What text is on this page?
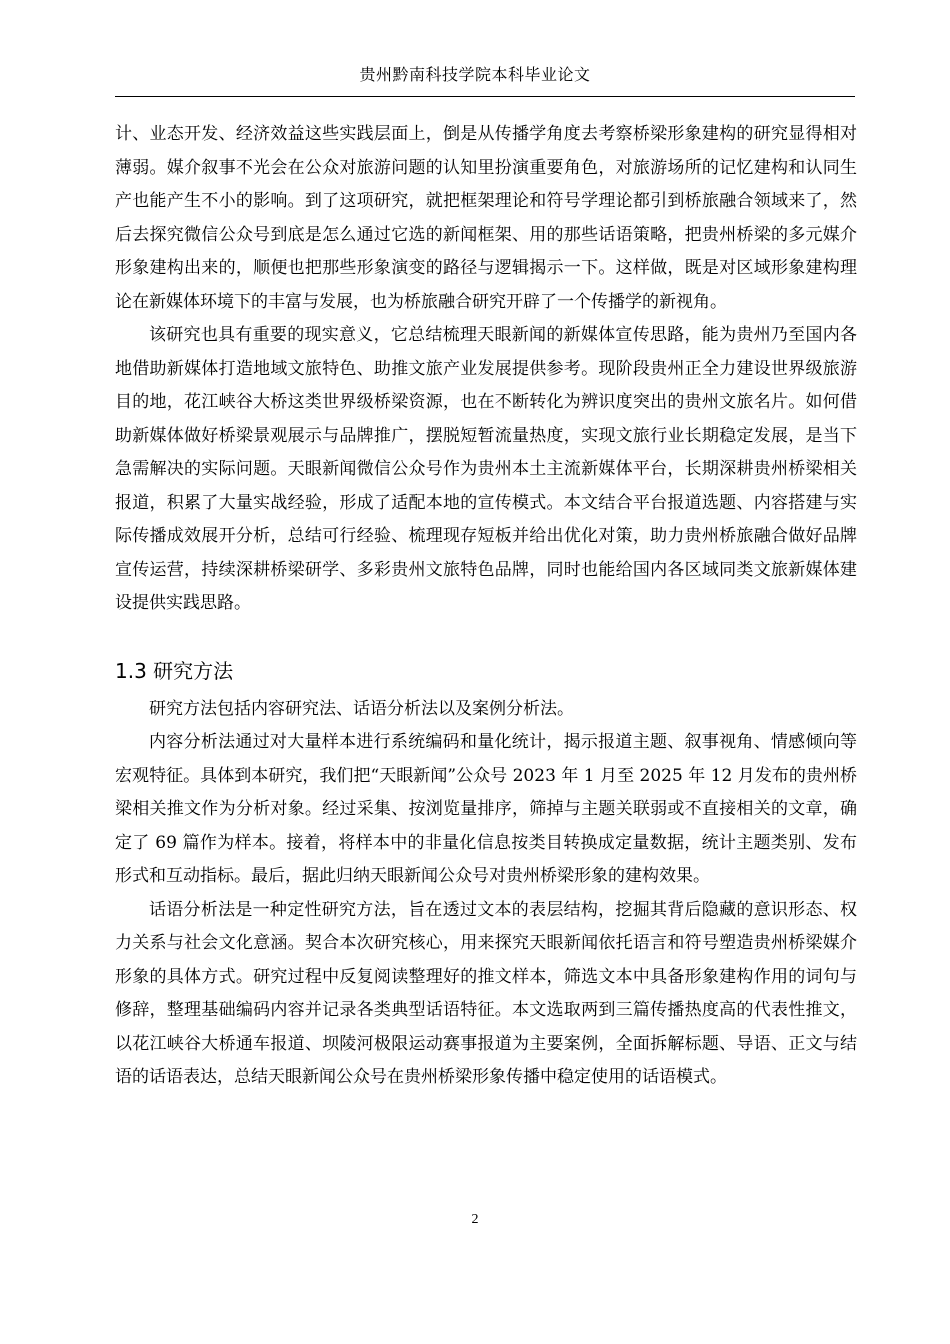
贵州黔南科技学院本科毕业论文

计、业态开发、经济效益这些实践层面上，倒是从传播学角度去考察桥梁形象建构的研究显得相对薄弱。媒介叙事不光会在公众对旅游问题的认知里扮演重要角色，对旅游场所的记忆建构和认同生产也能产生不小的影响。到了这项研究，就把框架理论和符号学理论都引到桥旅融合领域来了，然后去探究微信公众号到底是怎么通过它选的新闻框架、用的那些话语策略，把贵州桥梁的多元媒介形象建构出来的，顺便也把那些形象演变的路径与逻辑揭示一下。这样做，既是对区域形象建构理论在新媒体环境下的丰富与发展，也为桥旅融合研究开辟了一个传播学的新视角。

该研究也具有重要的现实意义，它总结梳理天眼新闻的新媒体宣传思路，能为贵州乃至国内各地借助新媒体打造地域文旅特色、助推文旅产业发展提供参考。现阶段贵州正全力建设世界级旅游目的地，花江峡谷大桥这类世界级桥梁资源，也在不断转化为辨识度突出的贵州文旅名片。如何借助新媒体做好桥梁景观展示与品牌推广，摆脱短暂流量热度，实现文旅行业长期稳定发展，是当下急需解决的实际问题。天眼新闻微信公众号作为贵州本土主流新媒体平台，长期深耕贵州桥梁相关报道，积累了大量实战经验，形成了适配本地的宣传模式。本文结合平台报道选题、内容搭建与实际传播成效展开分析，总结可行经验、梳理现存短板并给出优化对策，助力贵州桥旅融合做好品牌宣传运营，持续深耕桥梁研学、多彩贵州文旅特色品牌，同时也能给国内各区域同类文旅新媒体建设提供实践思路。

1.3 研究方法

研究方法包括内容研究法、话语分析法以及案例分析法。

内容分析法通过对大量样本进行系统编码和量化统计，揭示报道主题、叙事视角、情感倾向等宏观特征。具体到本研究，我们把“天眼新闻”公众号 2023 年 1 月至 2025 年 12 月发布的贵州桥梁相关推文作为分析对象。经过采集、按浏览量排序，筛掉与主题关联弱或不直接相关的文章，确定了 69 篇作为样本。接着，将样本中的非量化信息按类目转换成定量数据，统计主题类别、发布形式和互动指标。最后，据此归纳天眼新闻公众号对贵州桥梁形象的建构效果。

话语分析法是一种定性研究方法，旨在透过文本的表层结构，挖掘其背后隐藏的意识形态、权力关系与社会文化意涵。契合本次研究核心，用来探究天眼新闻依托语言和符号塑造贵州桥梁媒介形象的具体方式。研究过程中反复阅读整理好的推文样本，筛选文本中具备形象建构作用的词句与修辞，整理基础编码内容并记录各类典型话语特征。本文选取两到三篇传播热度高的代表性推文，以花江峡谷大桥通车报道、坝陵河极限运动赛事报道为主要案例，全面拆解标题、导语、正文与结语的话语表达，总结天眼新闻公众号在贵州桥梁形象传播中稳定使用的话语模式。

2
